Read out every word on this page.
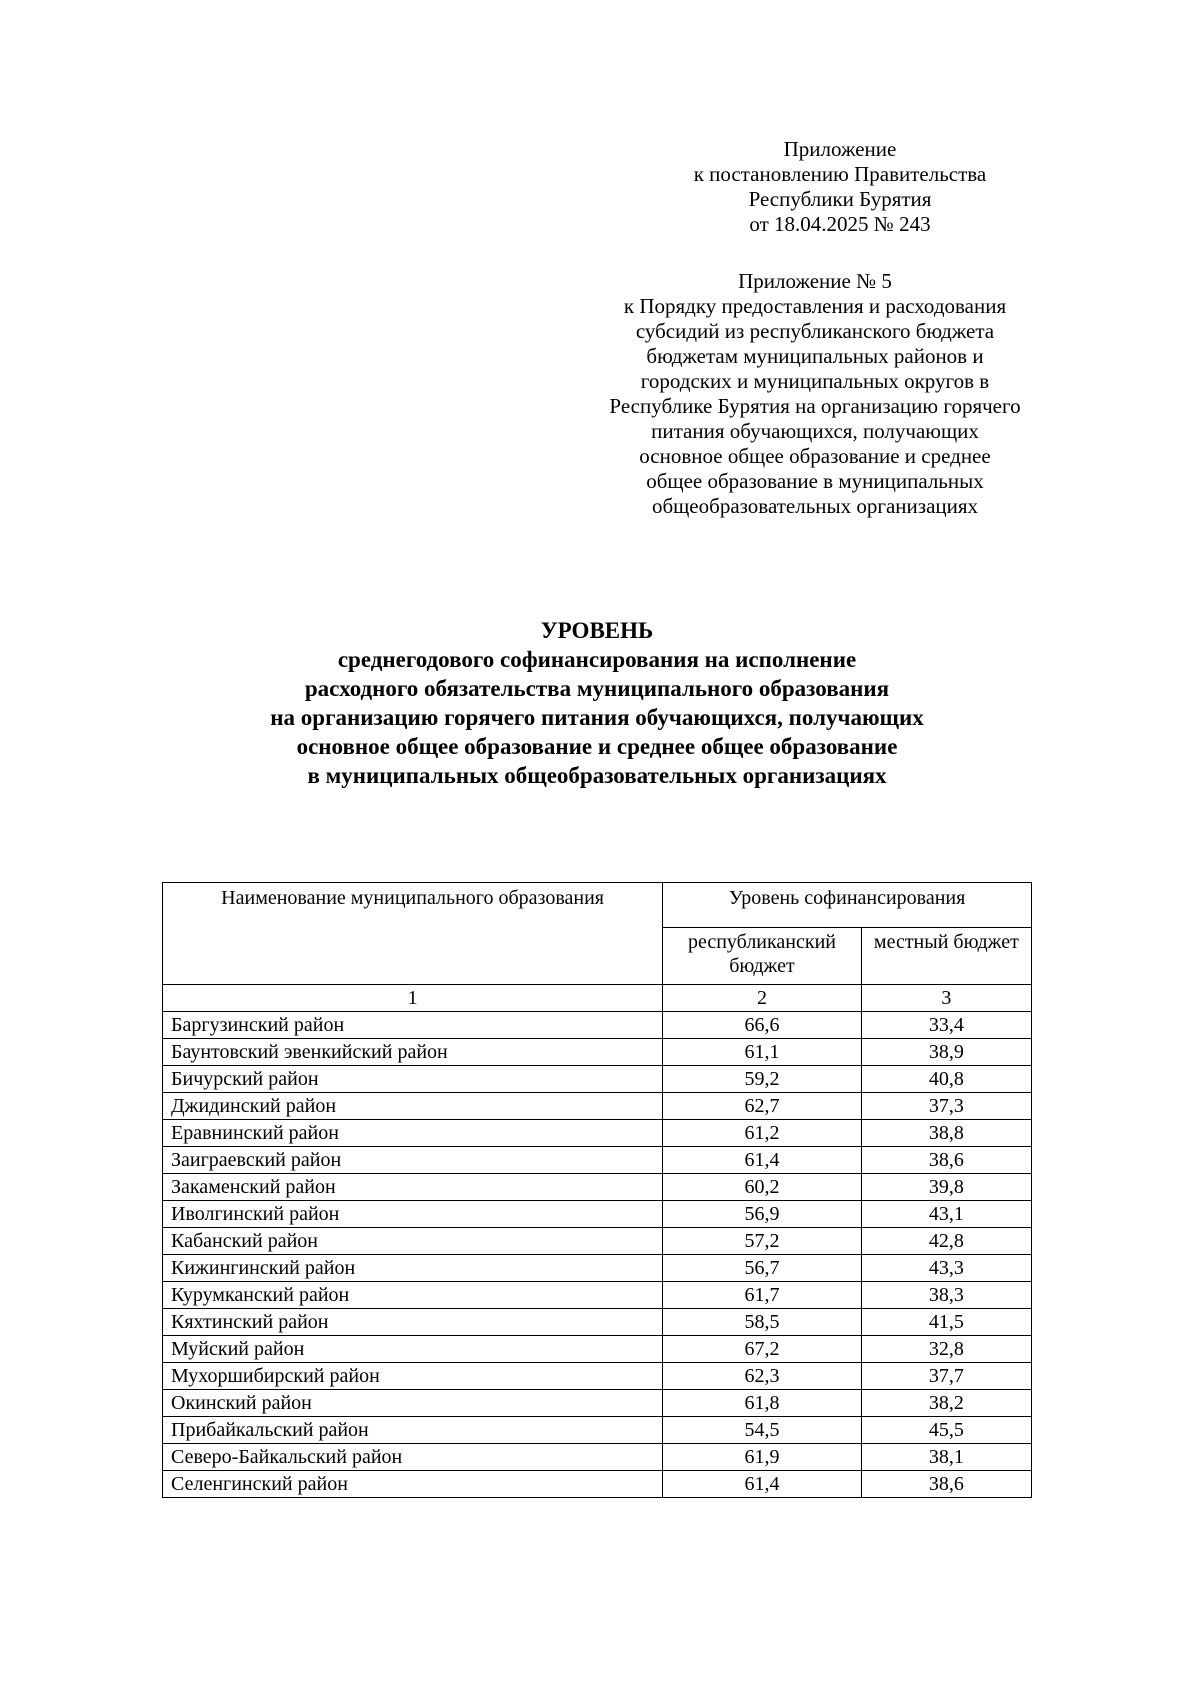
Приложение
к постановлению Правительства
Республики Бурятия
от 18.04.2025 № 243
Приложение № 5
к Порядку предоставления и расходования
субсидий из республиканского бюджета
бюджетам муниципальных районов и
городских и муниципальных округов в
Республике Бурятия на организацию горячего
питания обучающихся, получающих
основное общее образование и среднее
общее образование в муниципальных
общеобразовательных организациях
УРОВЕНЬ
среднегодового софинансирования на исполнение
расходного обязательства муниципального образования
на организацию горячего питания обучающихся, получающих
основное общее образование и среднее общее образование
в муниципальных общеобразовательных организациях
Наименование муниципального образования	Уровень софинансирования	
	республиканский бюджет	местный бюджет
1	2	3
Баргузинский район	66,6	33,4
Баунтовский эвенкийский район	61,1	38,9
Бичурский район	59,2	40,8
Джидинский район	62,7	37,3
Еравнинский район	61,2	38,8
Заиграевский район	61,4	38,6
Закаменский район	60,2	39,8
Иволгинский район	56,9	43,1
Кабанский район	57,2	42,8
Кижингинский район	56,7	43,3
Курумканский район	61,7	38,3
Кяхтинский район	58,5	41,5
Муйский район	67,2	32,8
Мухоршибирский район	62,3	37,7
Окинский район	61,8	38,2
Прибайкальский район	54,5	45,5
Северо-Байкальский район	61,9	38,1
Селенгинский район	61,4	38,6
